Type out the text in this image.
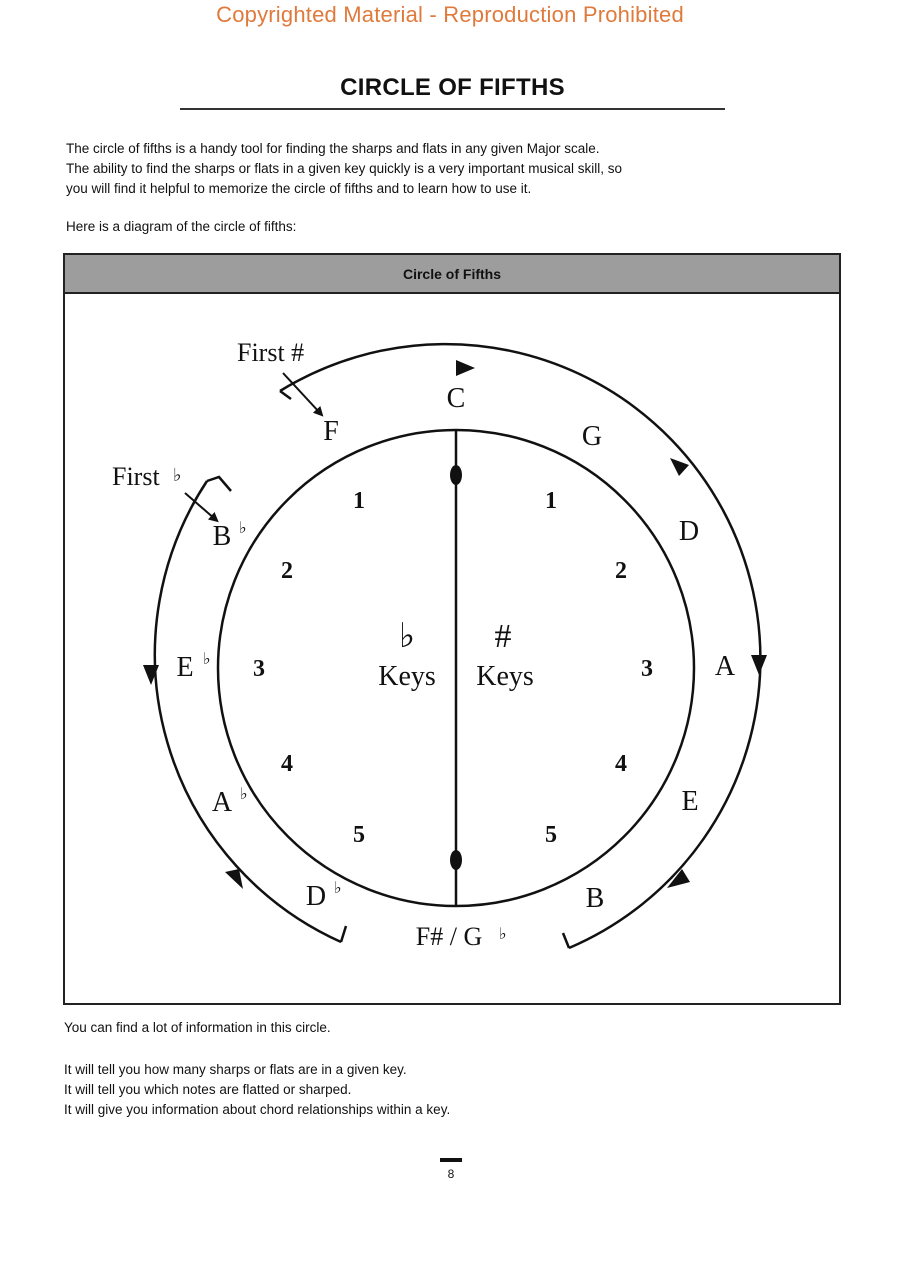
Copyrighted Material - Reproduction Prohibited
CIRCLE OF FIFTHS

The circle of fifths is a handy tool for finding the sharps and flats in any given Major scale.

The ability to find the sharps or flats in a given key quickly is a very important musical skill, so

you will find it helpful to memorize the circle of fifths and to learn how to use it.

Here is a diagram of the circle of fifths:
Circle of Fifths
0
6
First #
First ♭
C
F# / G ♭
G
D
A
E
B
F
B ♭
E ♭
A ♭
D ♭
1
2
3
4
5
1
2
3
4
5
♭
Keys
#
Keys
You can find a lot of information in this circle.
It will tell you how many sharps or flats are in a given key.
It will tell you which notes are flatted or sharped.
It will give you information about chord relationships within a key.
8
